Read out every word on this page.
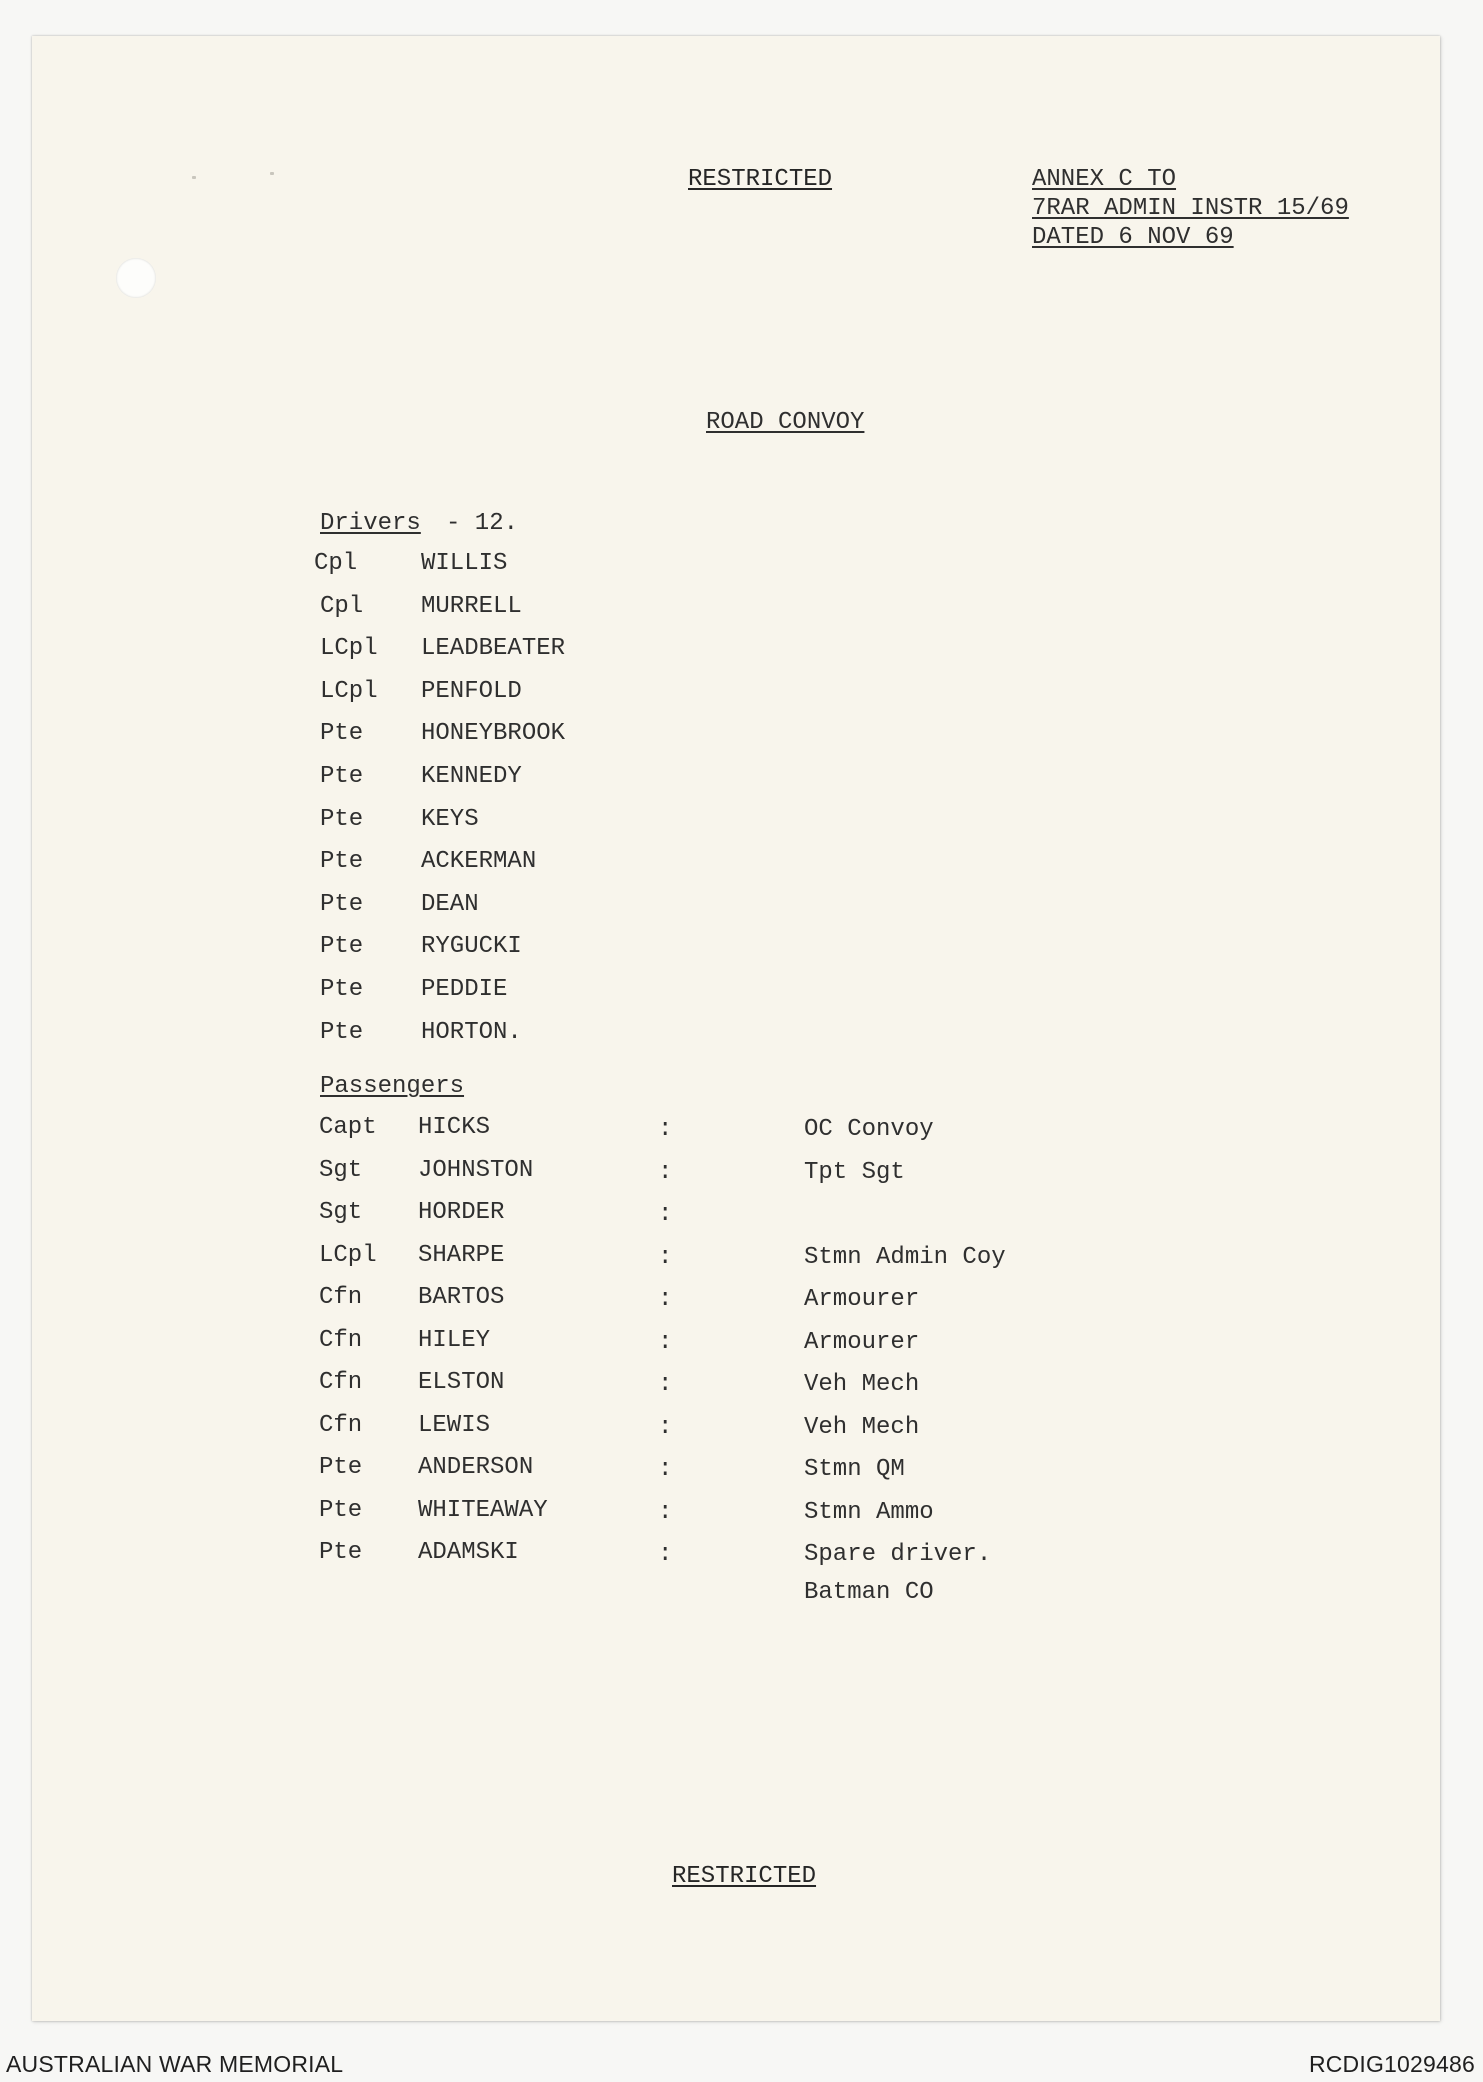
RESTRICTED	ANNEX C TO
7RAR ADMIN INSTR 15/69
DATED 6 NOV 69
ROAD CONVOY
Drivers - 12.
Cpl	WILLIS
Cpl MURRELL
LCpl LEADBEATER
LCpl PENFOLD
Pte HONEYBROOK
Pte KENNEDY
Pte KEYS
Pte ACKERMAN
Pte DEAN
Pte RYGUCKI
Pte PEDDIE
Pte HORTON.
Passengers
Capt HICKS	:	OC Convoy
Sgt JOHNSTON	:	Tpt Sgt
Sgt HORDER	:
LCpl SHARPE	:	Stmn Admin Coy
Cfn BARTOS	:	Armourer
Cfn HILEY	:	Armourer
Cfn ELSTON	:	Veh Mech
Cfn LEWIS	:	Veh Mech
Pte ANDERSON	:	Stmn QM
Pte WHITEAWAY	:	Stmn Ammo
Pte ADAMSKI	:	Spare driver.
Batman CO
RESTRICTED
AUSTRALIAN WAR MEMORIAL	RCDIG1029486
